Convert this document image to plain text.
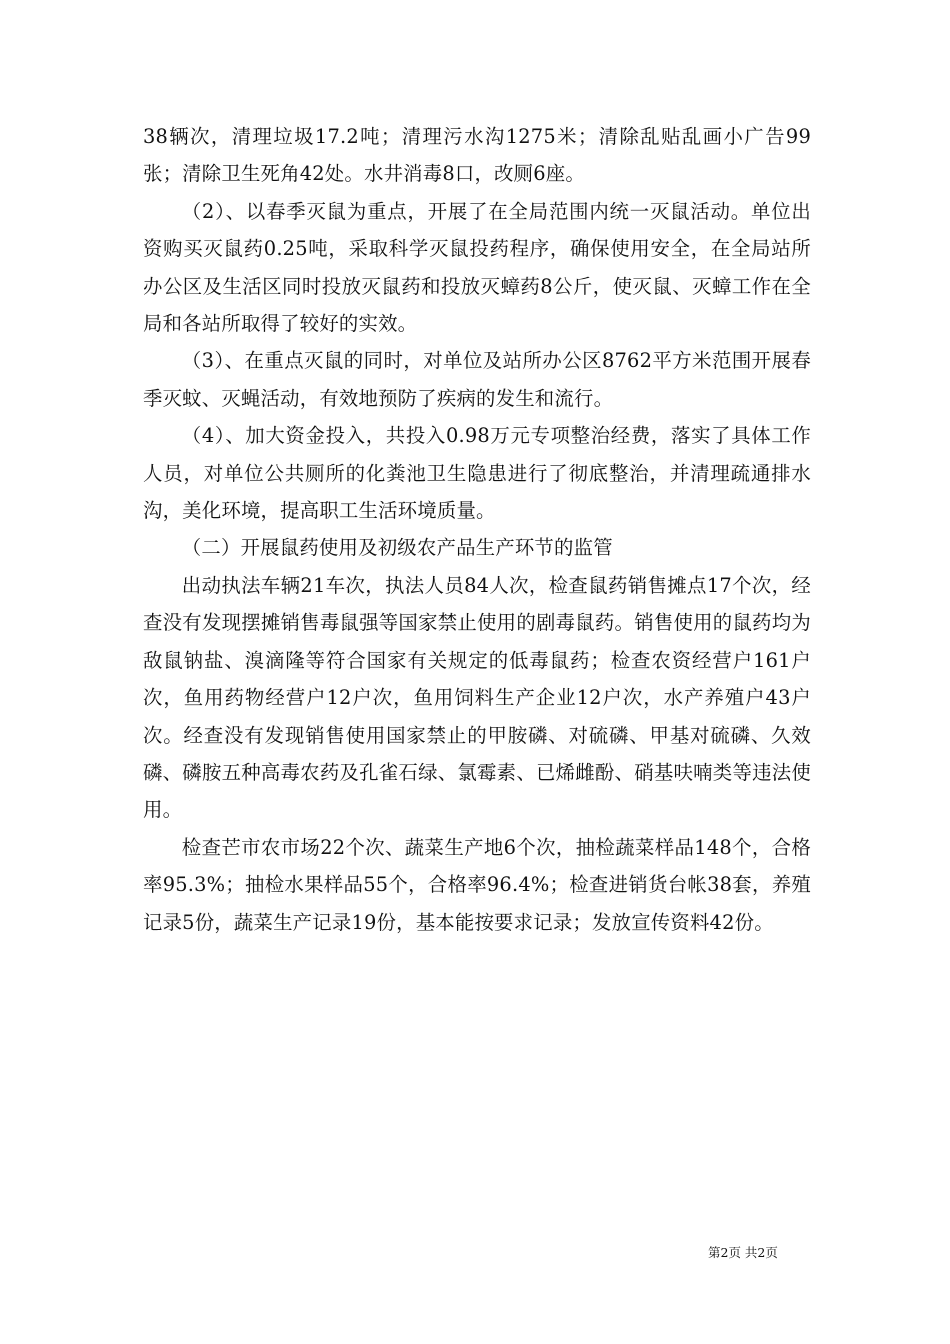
38辆次，清理垃圾17.2吨；清理污水沟1275米；清除乱贴乱画小广告99张；清除卫生死角42处。水井消毒8口，改厕6座。

（2）、以春季灭鼠为重点，开展了在全局范围内统一灭鼠活动。单位出资购买灭鼠药0.25吨，采取科学灭鼠投药程序，确保使用安全，在全局站所办公区及生活区同时投放灭鼠药和投放灭蟑药8公斤，使灭鼠、灭蟑工作在全局和各站所取得了较好的实效。

（3）、在重点灭鼠的同时，对单位及站所办公区8762平方米范围开展春季灭蚊、灭蝇活动，有效地预防了疾病的发生和流行。

（4）、加大资金投入，共投入0.98万元专项整治经费，落实了具体工作人员，对单位公共厕所的化粪池卫生隐患进行了彻底整治，并清理疏通排水沟，美化环境，提高职工生活环境质量。

（二）开展鼠药使用及初级农产品生产环节的监管

出动执法车辆21车次，执法人员84人次，检查鼠药销售摊点17个次，经查没有发现摆摊销售毒鼠强等国家禁止使用的剧毒鼠药。销售使用的鼠药均为敌鼠钠盐、溴滴隆等符合国家有关规定的低毒鼠药；检查农资经营户161户次，鱼用药物经营户12户次，鱼用饲料生产企业12户次，水产养殖户43户次。经查没有发现销售使用国家禁止的甲胺磷、对硫磷、甲基对硫磷、久效磷、磷胺五种高毒农药及孔雀石绿、氯霉素、已烯雌酚、硝基呋喃类等违法使用。

检查芒市农市场22个次、蔬菜生产地6个次，抽检蔬菜样品148个，合格率95.3%；抽检水果样品55个，合格率96.4%；检查进销货台帐38套，养殖记录5份，蔬菜生产记录19份，基本能按要求记录；发放宣传资料42份。

第2页 共2页
